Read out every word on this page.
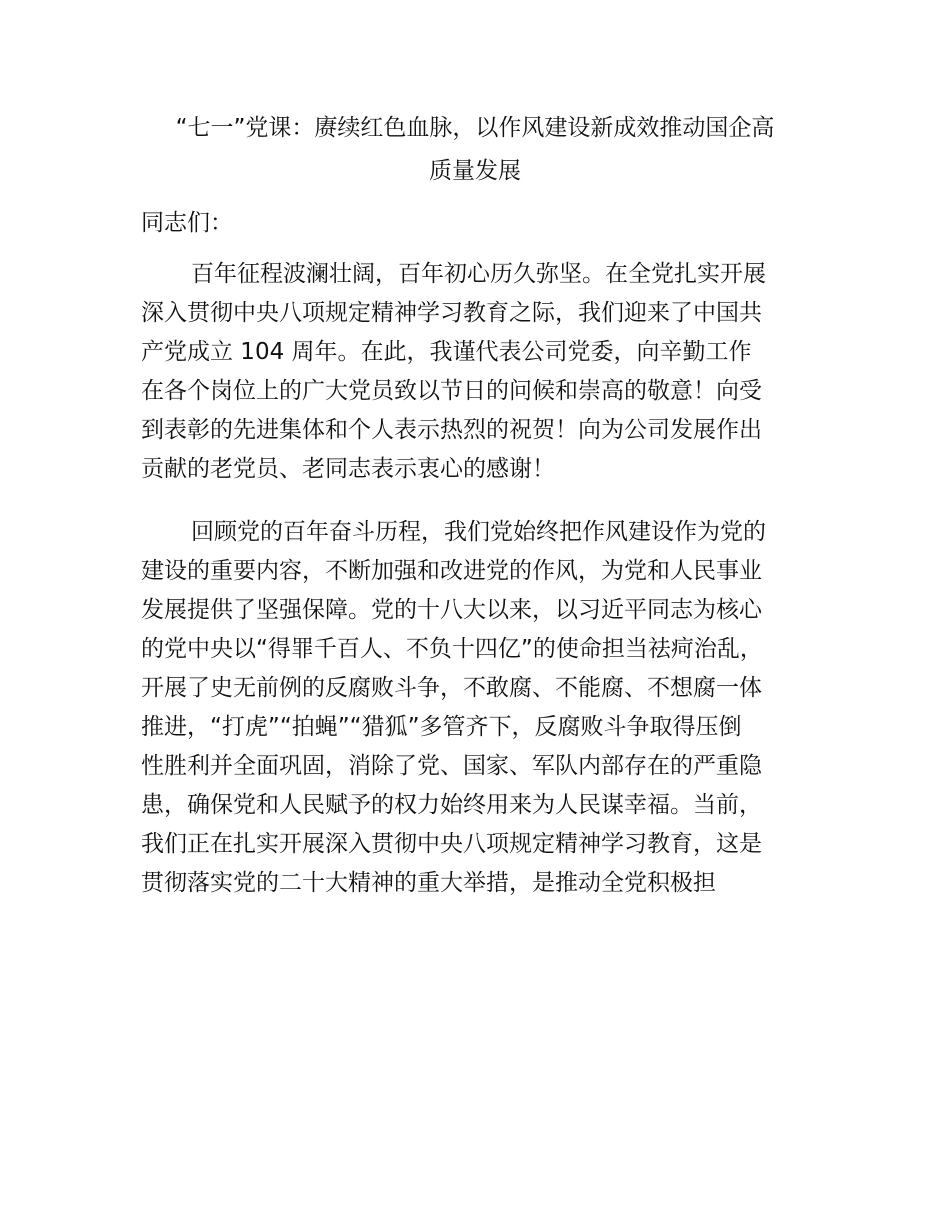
“七一”党课：赓续红色血脉，以作风建设新成效推动国企高
质量发展

同志们：

百年征程波澜壮阔，百年初心历久弥坚。在全党扎实开展

深入贯彻中央八项规定精神学习教育之际，我们迎来了中国共

产党成立 104 周年。在此，我谨代表公司党委，向辛勤工作

在各个岗位上的广大党员致以节日的问候和崇高的敬意！向受

到表彰的先进集体和个人表示热烈的祝贺！向为公司发展作出

贡献的老党员、老同志表示衷心的感谢！

回顾党的百年奋斗历程，我们党始终把作风建设作为党的

建设的重要内容，不断加强和改进党的作风，为党和人民事业

发展提供了坚强保障。党的十八大以来，以习近平同志为核心

的党中央以“得罪千百人、不负十四亿”的使命担当祛疴治乱，

开展了史无前例的反腐败斗争，不敢腐、不能腐、不想腐一体

推进，“打虎”“拍蝇”“猎狐”多管齐下，反腐败斗争取得压倒

性胜利并全面巩固，消除了党、国家、军队内部存在的严重隐

患，确保党和人民赋予的权力始终用来为人民谋幸福。当前，

我们正在扎实开展深入贯彻中央八项规定精神学习教育，这是

贯彻落实党的二十大精神的重大举措，是推动全党积极担
